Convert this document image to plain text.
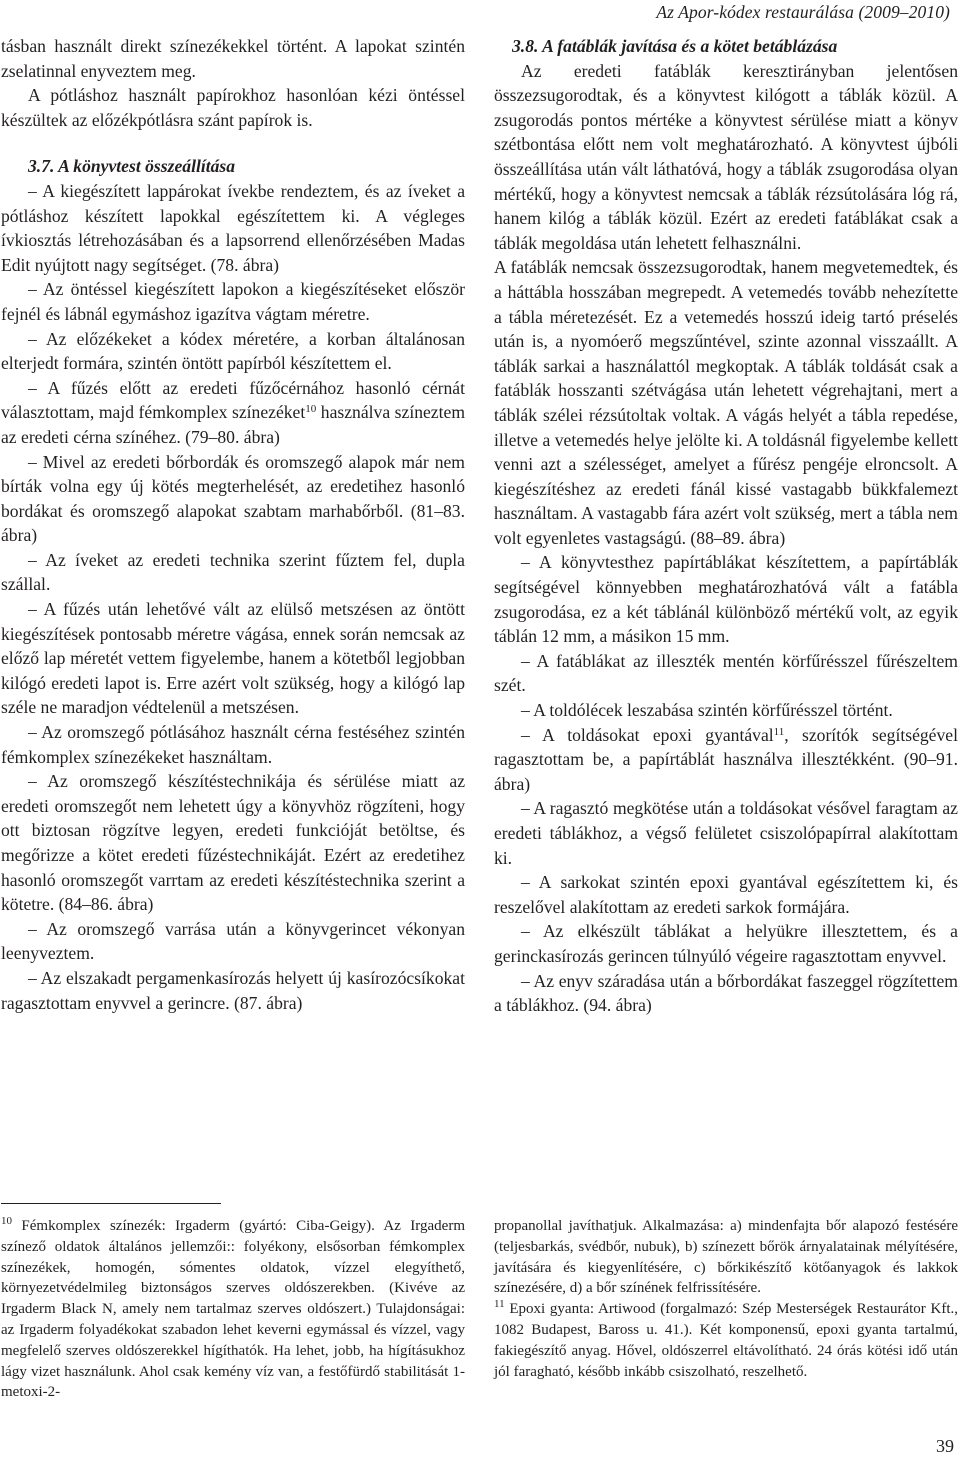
Az Apor-kódex restaurálása (2009–2010)

tásban használt direkt színezékekkel történt. A lapokat szintén zselatinnal enyveztem meg.

A pótláshoz használt papírokhoz hasonlóan kézi öntéssel készültek az előzékpótlásra szánt papírok is.

3.7. A könyvtest összeállítása

– A kiegészített lappárokat ívekbe rendeztem, és az íveket a pótláshoz készített lapokkal egészítettem ki. A végleges ívkiosztás létrehozásában és a lapsorrend ellenőrzésében Madas Edit nyújtott nagy segítséget. (78. ábra)

– Az öntéssel kiegészített lapokon a kiegészítéseket először fejnél és lábnál egymáshoz igazítva vágtam méretre.

– Az előzékeket a kódex méretére, a korban általánosan elterjedt formára, szintén öntött papírból készítettem el.

– A fűzés előtt az eredeti fűzőcérnához hasonló cérnát választottam, majd fémkomplex színezéket$^{10}$ használva színeztem az eredeti cérna színéhez. (79–80. ábra)

– Mivel az eredeti bőrbordák és oromszegő alapok már nem bírták volna egy új kötés megterhelését, az eredetihez hasonló bordákat és oromszegő alapokat szabtam marhabőrből. (81–83. ábra)

– Az íveket az eredeti technika szerint fűztem fel, dupla szállal.

– A fűzés után lehetővé vált az elülső metszésen az öntött kiegészítések pontosabb méretre vágása, ennek során nemcsak az előző lap méretét vettem figyelembe, hanem a kötetből legjobban kilógó eredeti lapot is. Erre azért volt szükség, hogy a kilógó lap széle ne maradjon védtelenül a metszésen.

– Az oromszegő pótlásához használt cérna festéséhez szintén fémkomplex színezékeket használtam.

– Az oromszegő készítéstechnikája és sérülése miatt az eredeti oromszegőt nem lehetett úgy a könyvhöz rögzíteni, hogy ott biztosan rögzítve legyen, eredeti funkcióját betöltse, és megőrizze a kötet eredeti fűzéstechnikáját. Ezért az eredetihez hasonló oromszegőt varrtam az eredeti készítéstechnika szerint a kötetre. (84–86. ábra)

– Az oromszegő varrása után a könyvgerincet vékonyan leenyveztem.

– Az elszakadt pergamenkasírozás helyett új kasírozócsíkokat ragasztottam enyvvel a gerincre. (87. ábra)

3.8. A fatáblák javítása és a kötet betáblázása

Az eredeti fatáblák keresztirányban jelentősen összezsugorodtak, és a könyvtest kilógott a táblák közül. A zsugorodás pontos mértéke a könyvtest sérülése miatt a könyv szétbontása előtt nem volt meghatározható. A könyvtest újbóli összeállítása után vált láthatóvá, hogy a táblák zsugorodása olyan mértékű, hogy a könyvtest nemcsak a táblák rézsútolására lóg rá, hanem kilóg a táblák közül. Ezért az eredeti fatáblákat csak a táblák megoldása után lehetett felhasználni.

A fatáblák nemcsak összezsugorodtak, hanem megvetemedtek, és a háttábla hosszában megrepedt. A vetemedés tovább nehezítette a tábla méretezését. Ez a vetemedés hosszú ideig tartó préselés után is, a nyomóerő megszűntével, szinte azonnal visszaállt. A táblák sarkai a használattól megkoptak. A táblák toldását csak a fatáblák hosszanti szétvágása után lehetett végrehajtani, mert a táblák szélei rézsútoltak voltak. A vágás helyét a tábla repedése, illetve a vetemedés helye jelölte ki. A toldásnál figyelembe kellett venni azt a szélességet, amelyet a fűrész pengéje elroncsolt. A kiegészítéshez az eredeti fánál kissé vastagabb bükkfalemezt használtam. A vastagabb fára azért volt szükség, mert a tábla nem volt egyenletes vastagságú. (88–89. ábra)

– A könyvtesthez papírtáblákat készítettem, a papírtáblák segítségével könnyebben meghatározhatóvá vált a fatábla zsugorodása, ez a két táblánál különböző mértékű volt, az egyik táblán 12 mm, a másikon 15 mm.

– A fatáblákat az illeszték mentén körfűrésszel fűrészeltem szét.

– A toldólécek leszabása szintén körfűrésszel történt.

– A toldásokat epoxi gyantával$^{11}$, szorítók segítségével ragasztottam be, a papírtáblát használva illesztékként. (90–91. ábra)

– A ragasztó megkötése után a toldásokat vésővel faragtam az eredeti táblákhoz, a végső felületet csiszolópapírral alakítottam ki.

– A sarkokat szintén epoxi gyantával egészítettem ki, és reszelővel alakítottam az eredeti sarkok formájára.

– Az elkészült táblákat a helyükre illesztettem, és a gerinckasírozás gerincen túlnyúló végeire ragasztottam enyvvel.

– Az enyv száradása után a bőrbordákat faszeggel rögzítettem a táblákhoz. (94. ábra)

$^{10}$ Fémkomplex színezék: Irgaderm (gyártó: Ciba-Geigy). Az Irgaderm színező oldatok általános jellemzői:: folyékony, elsősorban fémkomplex színezékek, homogén, sómentes oldatok, vízzel elegyíthető, környezetvédelmileg biztonságos szerves oldószerekben. (Kivéve az Irgaderm Black N, amely nem tartalmaz szerves oldószert.) Tulajdonságai: az Irgaderm folyadékokat szabadon lehet keverni egymással és vízzel, vagy megfelelő szerves oldószerekkel hígíthatók. Ha lehet, jobb, ha hígításukhoz lágy vizet használunk. Ahol csak kemény víz van, a festőfürdő stabilitását 1-metoxi-2-

propanollal javíthatjuk. Alkalmazása: a) mindenfajta bőr alapozó festésére (teljesbarkás, svédbőr, nubuk), b) színezett bőrök árnyalatainak mélyítésére, javítására és kiegyenlítésére, c) bőrkikészítő kötőanyagok és lakkok színezésére, d) a bőr színének felfrissítésére.

$^{11}$ Epoxi gyanta: Artiwood (forgalmazó: Szép Mesterségek Restaurátor Kft., 1082 Budapest, Baross u. 41.). Két komponensű, epoxi gyanta tartalmú, fakiegészítő anyag. Hővel, oldószerrel eltávolítható. 24 órás kötési idő után jól faragható, később inkább csiszolható, reszelhető.

39
